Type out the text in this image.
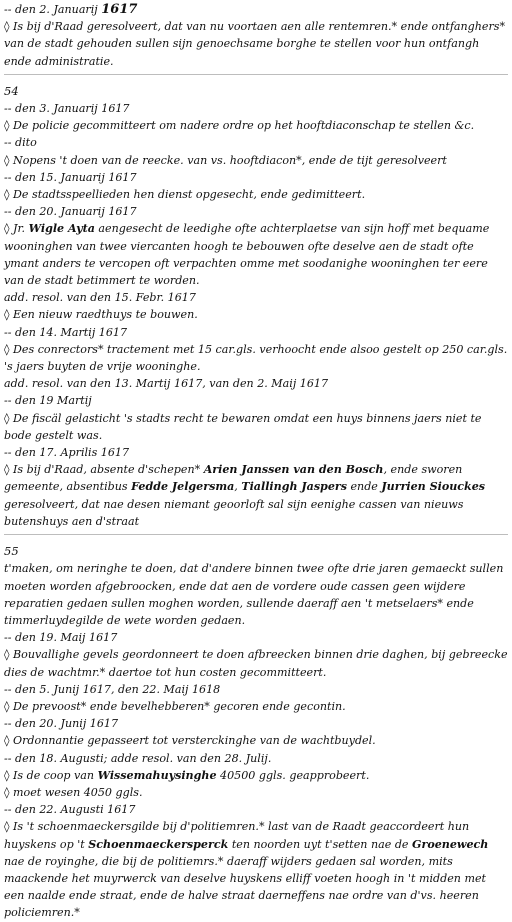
-- den 2. Januarij 1617
◊ Is bij d'Raad geresolveert, dat van nu voortaen aen alle rentemren.* ende ontfanghers* van de stadt gehouden sullen sijn genoechsame borghe te stellen voor hun ontfangh ende administratie.
54
-- den 3. Januarij 1617
◊ De policie gecommitteert om nadere ordre op het hooftdiaconschap te stellen &c.
-- dito
◊ Nopens 't doen van de reecke. van vs. hooftdiacon*, ende de tijt geresolveert
-- den 15. Januarij 1617
◊ De stadtsspeellieden hen dienst opgesecht, ende gedimitteert.
-- den 20. Januarij 1617
◊ Jr. Wigle Ayta aengesecht de leedighe ofte achterplaetse van sijn hoff met bequame wooninghen van twee viercanten hoogh te bebouwen ofte deselve aen de stadt ofte ymant anders te vercopen oft verpachten omme met soodanighe wooninghen ter eere van de stadt betimmert te worden.
add. resol. van den 15. Febr. 1617
◊ Een nieuw raedthuys te bouwen.
-- den 14. Martij 1617
◊ Des conrectors* tractement met 15 car.gls. verhoocht ende alsoo gestelt op 250 car.gls. 's jaers buyten de vrije wooninghe.
add. resol. van den 13. Martij 1617, van den 2. Maij 1617
-- den 19 Martij
◊ De fiscäl gelasticht 's stadts recht te bewaren omdat een huys binnens jaers niet te bode gestelt was.
-- den 17. Aprilis 1617
◊ Is bij d'Raad, absente d'schepen* Arien Janssen van den Bosch, ende sworen gemeente, absentibus Fedde Jelgersma, Tiallingh Jaspers ende Jurrien Siouckes geresolveert, dat nae desen niemant geoorloft sal sijn eenighe cassen van nieuws butenshuys aen d'straat
55
t'maken, om neringhe te doen, dat d'andere binnen twee ofte drie jaren gemaeckt sullen moeten worden afgebroocken, ende dat aen de vordere oude cassen geen wijdere reparatien gedaen sullen moghen worden, sullende daeraff aen 't metselaers* ende timmerluydegilde de wete worden gedaen.
-- den 19. Maij 1617
◊ Bouvallighe gevels geordonneert te doen afbreecken binnen drie daghen, bij gebreecke dies de wachtmr.* daertoe tot hun costen gecommitteert.
-- den 5. Junij 1617, den 22. Maij 1618
◊ De prevoost* ende bevelhebberen* gecoren ende gecontin.
-- den 20. Junij 1617
◊ Ordonnantie gepasseert tot versterckinghe van de wachtbuydel.
-- den 18. Augusti; adde resol. van den 28. Julij.
◊ Is de coop van Wissemahuysinghe 40500 ggls. geapprobeert.
◊ moet wesen 4050 ggls.
-- den 22. Augusti 1617
◊ Is 't schoenmaeckersgilde bij d'politiemren.* last van de Raadt geaccordeert hun huyskens op 't Schoenmaeckersperck ten noorden uyt t'setten nae de Groenewech nae de royinghe, die bij de politiemrs.* daeraff wijders gedaen sal worden, mits maackende het muyrwerck van deselve huyskens elliff voeten hoogh in 't midden met een naalde ende straat, ende de halve straat daerneffens nae ordre van d'vs. heeren policiemren.*
